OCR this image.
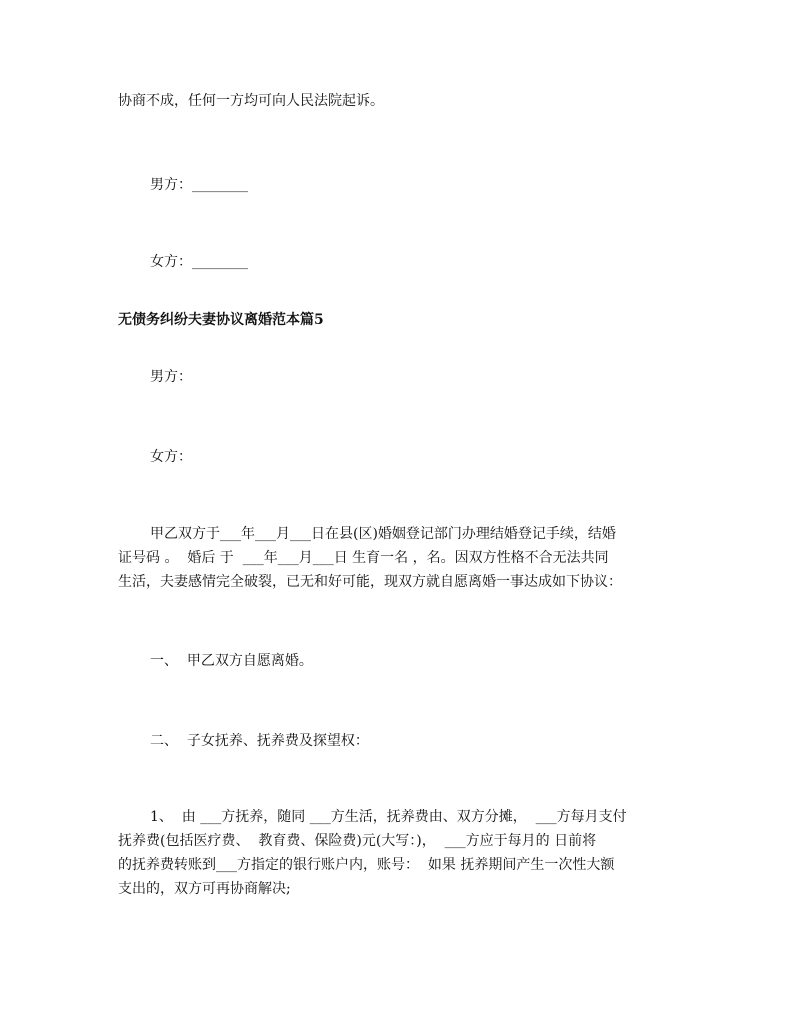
协商不成，任何一方均可向人民法院起诉。

男方：________

女方：________

无债务纠纷夫妻协议离婚范本篇5

男方：

女方：

甲乙双方于___年___月___日在县(区)婚姻登记部门办理结婚登记手续，结婚

证号码 。  婚后 于  ___年___月___日 生育一名 ，名。因双方性格不合无法共同

生活，夫妻感情完全破裂，已无和好可能，现双方就自愿离婚一事达成如下协议：

一、  甲乙双方自愿离婚。

二、  子女抚养、抚养费及探望权：

1、  由 ___方抚养，随同 ___方生活，抚养费由、双方分摊，  ___方每月支付

抚养费(包括医疗费、  教育费、保险费)元(大写：)，  ___方应于每月的 日前将

的抚养费转账到___方指定的银行账户内，账号：  如果 抚养期间产生一次性大额

支出的，双方可再协商解决;
